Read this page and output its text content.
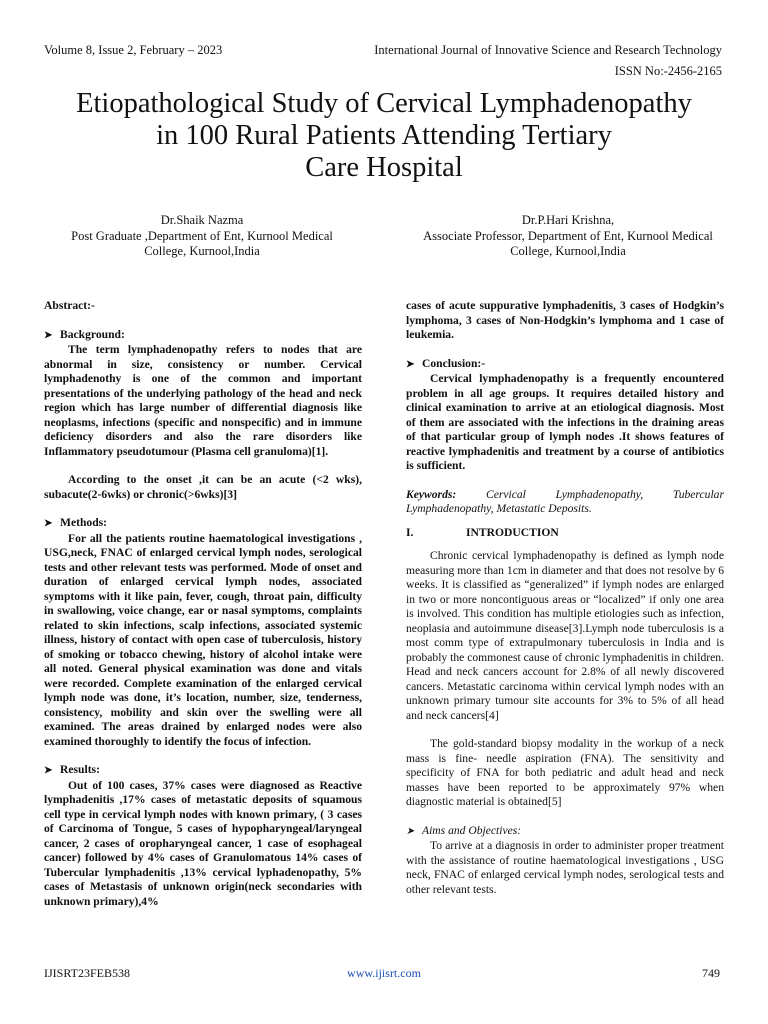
Volume 8, Issue 2, February – 2023	International Journal of Innovative Science and Research Technology
ISSN No:-2456-2165
Etiopathological Study of Cervical Lymphadenopathy
in 100 Rural Patients Attending Tertiary
Care Hospital
Dr.Shaik Nazma
Post Graduate ,Department of Ent, Kurnool Medical
College, Kurnool,India
Dr.P.Hari Krishna,
Associate Professor, Department of Ent, Kurnool Medical
College, Kurnool,India

Abstract:-

➤ Background:

The term lymphadenopathy refers to nodes that are abnormal in size, consistency or number. Cervical lymphadenothy is one of the common and important presentations of the underlying pathology of the head and neck region which has large number of differential diagnosis like neoplasms, infections (specific and nonspecific) and in immune deficiency disorders and also the rare disorders like Inflammatory pseudotumour (Plasma cell granuloma)[1].

According to the onset ,it can be an acute (<2 wks), subacute(2-6wks) or chronic(>6wks)[3]

➤ Methods:

For all the patients routine haematological investigations , USG,neck, FNAC of enlarged cervical lymph nodes, serological tests and other relevant tests was performed. Mode of onset and duration of enlarged cervical lymph nodes, associated symptoms with it like pain, fever, cough, throat pain, difficulty in swallowing, voice change, ear or nasal symptoms, complaints related to skin infections, scalp infections, associated systemic illness, history of contact with open case of tuberculosis, history of smoking or tobacco chewing, history of alcohol intake were all noted. General physical examination was done and vitals were recorded. Complete examination of the enlarged cervical lymph node was done, it’s location, number, size, tenderness, consistency, mobility and skin over the swelling were all examined. The areas drained by enlarged nodes were also examined thoroughly to identify the focus of infection.

➤ Results:

Out of 100 cases, 37% cases were diagnosed as Reactive lymphadenitis ,17% cases of metastatic deposits of squamous cell type in cervical lymph nodes with known primary, ( 3 cases of Carcinoma of Tongue, 5 cases of hypopharyngeal/laryngeal cancer, 2 cases of oropharyngeal cancer, 1 case of esophageal cancer) followed by 4% cases of Granulomatous 14% cases of Tubercular lymphadenitis ,13% cervical lyphadenopathy, 5% cases of Metastasis of unknown origin(neck secondaries with unknown primary),4%

cases of acute suppurative lymphadenitis, 3 cases of Hodgkin’s lymphoma, 3 cases of Non-Hodgkin’s lymphoma and 1 case of leukemia.

➤ Conclusion:-

Cervical lymphadenopathy is a frequently encountered problem in all age groups. It requires detailed history and clinical examination to arrive at an etiological diagnosis. Most of them are associated with the infections in the draining areas of that particular group of lymph nodes .It shows features of reactive lymphadenitis and treatment by a course of antibiotics is sufficient.

Keywords:	Cervical Lymphadenopathy, Tubercular Lymphadenopathy, Metastatic Deposits.

I.	INTRODUCTION

Chronic cervical lymphadenopathy is defined as lymph node measuring more than 1cm in diameter and that does not resolve by 6 weeks. It is classified as “generalized” if lymph nodes are enlarged in two or more noncontiguous areas or “localized” if only one area is involved. This condition has multiple etiologies such as infection, neoplasia and autoimmune disease[3].Lymph node tuberculosis is a most comm type of extrapulmonary tuberculosis in India and is probably the commonest cause of chronic lymphadenitis in children. Head and neck cancers account for 2.8% of all newly discovered cancers. Metastatic carcinoma within cervical lymph nodes with an unknown primary tumour site accounts for 3% to 5% of all head and neck cancers[4]

The gold-standard biopsy modality in the workup of a neck mass is fine- needle aspiration (FNA). The sensitivity and specificity of FNA for both pediatric and adult head and neck masses have been reported to be approximately 97% when diagnostic material is obtained[5]

➤ Aims and Objectives:

To arrive at a diagnosis in order to administer proper treatment with the assistance of routine haematological investigations , USG neck, FNAC of enlarged cervical lymph nodes, serological tests and other relevant tests.

IJISRT23FEB538	www.ijisrt.com	749
